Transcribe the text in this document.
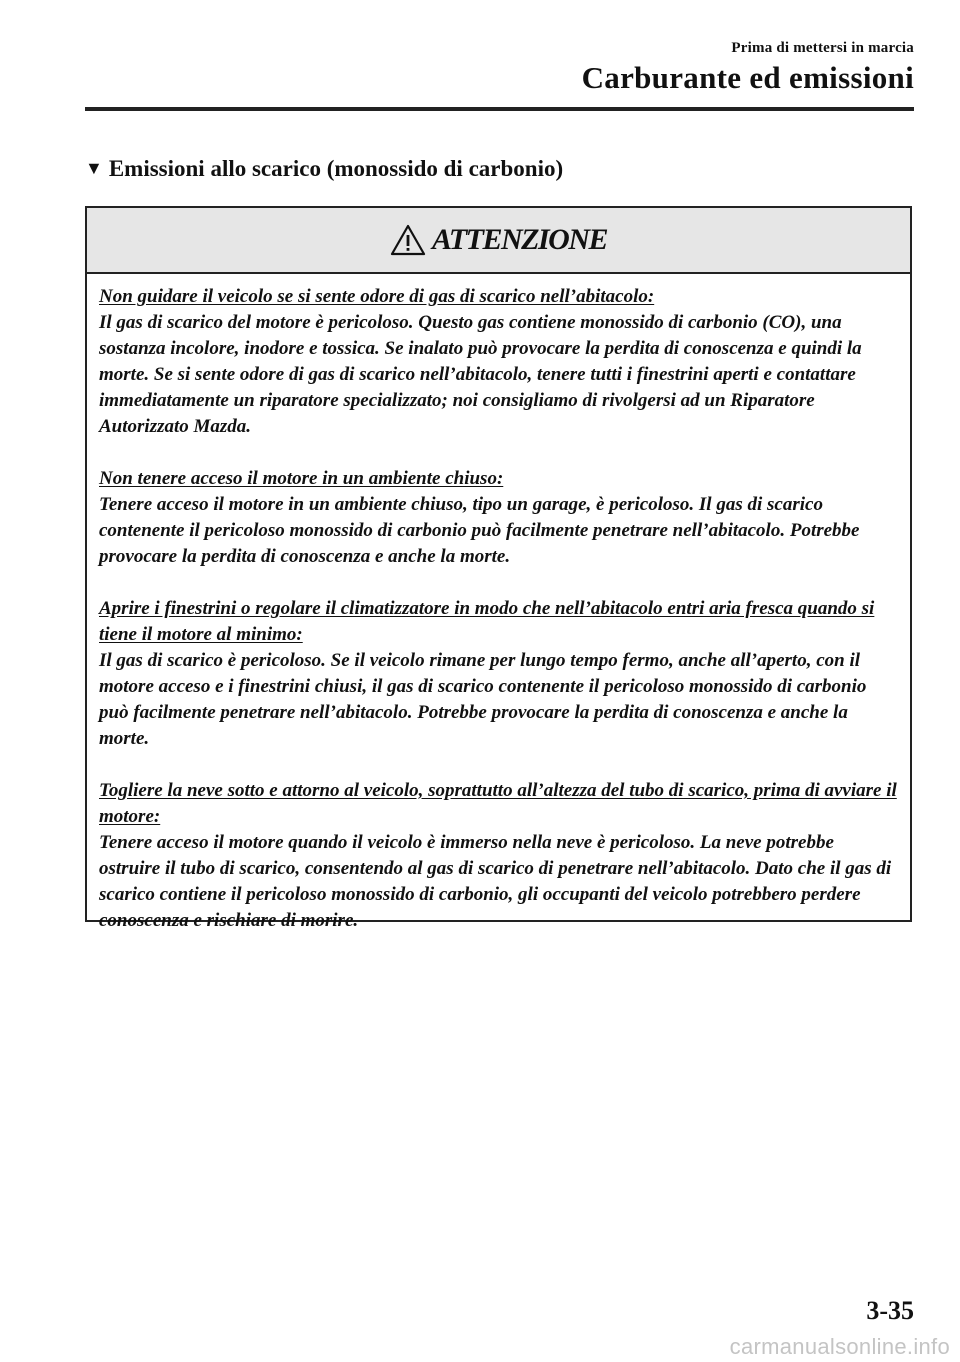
Prima di mettersi in marcia
Carburante ed emissioni
▼ Emissioni allo scarico (monossido di carbonio)
ATTENZIONE
Non guidare il veicolo se si sente odore di gas di scarico nell’abitacolo:
Il gas di scarico del motore è pericoloso. Questo gas contiene monossido di carbonio (CO), una sostanza incolore, inodore e tossica. Se inalato può provocare la perdita di conoscenza e quindi la morte. Se si sente odore di gas di scarico nell’abitacolo, tenere tutti i finestrini aperti e contattare immediatamente un riparatore specializzato; noi consigliamo di rivolgersi ad un Riparatore Autorizzato Mazda.
Non tenere acceso il motore in un ambiente chiuso:
Tenere acceso il motore in un ambiente chiuso, tipo un garage, è pericoloso. Il gas di scarico contenente il pericoloso monossido di carbonio può facilmente penetrare nell’abitacolo. Potrebbe provocare la perdita di conoscenza e anche la morte.
Aprire i finestrini o regolare il climatizzatore in modo che nell’abitacolo entri aria fresca quando si tiene il motore al minimo:
Il gas di scarico è pericoloso. Se il veicolo rimane per lungo tempo fermo, anche all’aperto, con il motore acceso e i finestrini chiusi, il gas di scarico contenente il pericoloso monossido di carbonio può facilmente penetrare nell’abitacolo. Potrebbe provocare la perdita di conoscenza e anche la morte.
Togliere la neve sotto e attorno al veicolo, soprattutto all’altezza del tubo di scarico, prima di avviare il motore:
Tenere acceso il motore quando il veicolo è immerso nella neve è pericoloso. La neve potrebbe ostruire il tubo di scarico, consentendo al gas di scarico di penetrare nell’abitacolo. Dato che il gas di scarico contiene il pericoloso monossido di carbonio, gli occupanti del veicolo potrebbero perdere conoscenza e rischiare di morire.
3-35
carmanualsonline.info
